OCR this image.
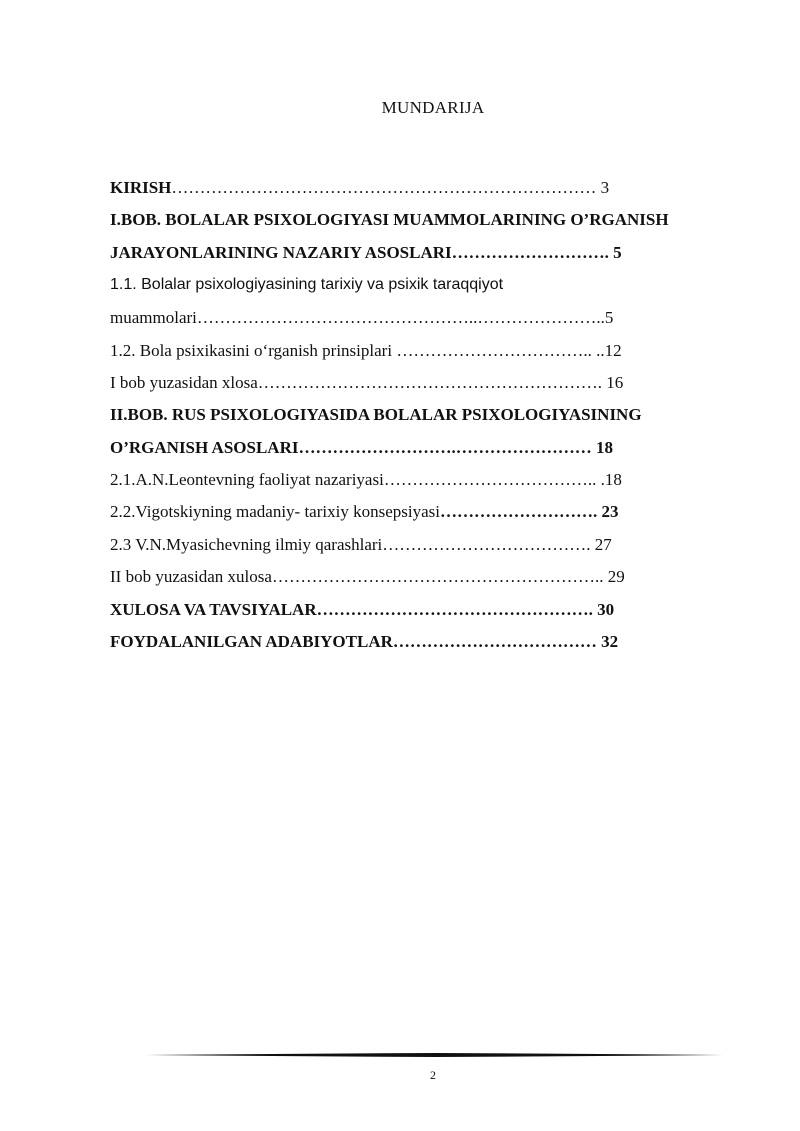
MUNDARIJA
KIRISH………………………………………………………………… 3
I.BOB. BOLALAR PSIXOLOGIYASI MUAMMOLARINING O’RGANISH
JARAYONLARINING NAZARIY ASOSLARI………………………. 5
1.1. Bolalar psixologiyasining tarixiy va psixik taraqqiyot
muammolari…………………………………………..…………………..5
1.2. Bola psixikasini o‘rganish prinsiplari …………………………….. ..12
I bob yuzasidan xlosa……………………………………………………. 16
II.BOB. RUS PSIXOLOGIYASIDA BOLALAR PSIXOLOGIYASINING
O’RGANISH ASOSLARI……………………….…………………… 18
2.1.A.N.Leontevning faoliyat nazariyasi……………………………….. .18
2.2.Vigotskiyning madaniy- tarixiy konsepsiyasi………………………. 23
2.3 V.N.Myasichevning ilmiy qarashlari………………………………. 27
II bob yuzasidan xulosa………………………………………………….. 29
XULOSA VA TAVSIYALAR…………………………………………. 30
FOYDALANILGAN ADABIYOTLAR……………………………… 32
2
